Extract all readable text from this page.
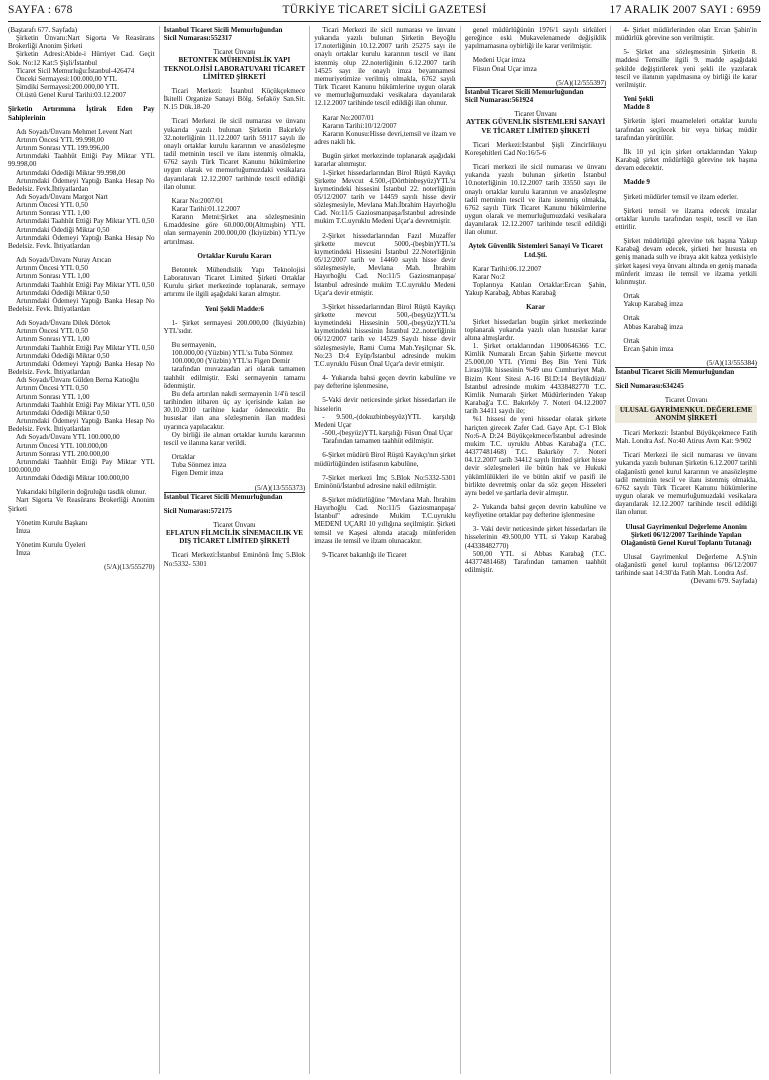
TÜRKİYE TİCARET SİCİLİ GAZETESİ
SAYFA : 678	17 ARALIK 2007 SAYI : 6959

(Baştarafı 677. Sayfada)

Şirketin Ünvanı:Nart Sigorta Ve Reasürans Brokerliği Anonim Şirketi

Şirketin Adresi:Abide-i Hürriyet Cad. Geçit Sok. No:12 Kat:5 Şişli/İstanbul

Ticaret Sicil Memurluğu:İstanbul-426474

Önceki Sermayesi:100.000,00 YTL

Şimdiki Sermayesi:200.000,00 YTL

Ol.üstü Genel Kurul Tarihi:03.12.2007

Şirketin Artırımına İştirak Eden Pay Sahiplerinin

Adı Soyadı/Ünvanı Mehmet Levent Nart

Artırım Öncesi YTL 99.998,00

Artırım Sonrası YTL 199.996,00

Artırımdaki Taahhüt Ettiği Pay Miktar YTL 99.998,00

Artırımdaki Ödediği Miktar 99.998,00

Artırımdaki Ödemeyi Yaptığı Banka Hesap No Bedelsiz. Fevk.İhtiyatlardan

Adı Soyadı/Ünvanı Margot Nart

Artırım Öncesi YTL 0,50

Artırım Sonrası YTL 1,00

Artırımdaki Taahhüt Ettiği Pay Miktar YTL 0,50

Artırımdaki Ödediği Miktar 0,50

Artırımdaki Ödemeyi Yaptığı Banka Hesap No Bedelsiz. Fevk. İhtiyatlardan

Adı Soyadı/Ünvanı Nuray Arıcan

Artırım Öncesi YTL 0,50

Artırım Sonrası YTL 1,00

Artırımdaki Taahhüt Ettiği Pay Miktar YTL 0,50

Artırımdaki Ödediği Miktar 0,50

Artırımdaki Ödemeyi Yaptığı Banka Hesap No Bedelsiz. Fevk. İhtiyatlardan

Adı Soyadı/Ünvanı Dilek Dörtok

Artırım Öncesi YTL 0,50

Artırım Sonrası YTL 1,00

Artırımdaki Taahhüt Ettiği Pay Miktar YTL 0,50

Artırımdaki Ödediği Miktar 0,50

Artırımdaki Ödemeyi Yaptığı Banka Hesap No Bedelsiz. Fevk. İhtiyatlardan

Adı Soyadı/Ünvanı Gülden Berna Katıoğlu

Artırım Öncesi YTL 0,50

Artırım Sonrası YTL 1,00

Artırımdaki Taahhüt Ettiği Pay Miktar YTL 0,50

Artırımdaki Ödediği Miktar 0,50

Artırımdaki Ödemeyi Yaptığı Banka Hesap No Bedelsiz. Fevk. İhtiyatlardan

Adı Soyadı/Ünvanı YTL 100.000,00

Artırım Öncesi YTL 100.000,00

Artırım Sonrası YTL 200.000,00

Artırımdaki Taahhüt Ettiği Pay Miktar YTL 100.000,00

Artırımdaki Ödediği Miktar 100.000,00

Yukarıdaki bilgilerin doğruluğu tasdik olunur.

Nart Sigorta Ve Reasürans Brokerliği Anonim Şirketi

Yönetim Kurulu Başkanı

İmza

Yönetim Kurulu Üyeleri

İmza

(5/A)(13/555270)

İstanbul Ticaret Sicili Memurluğundan

Sicil Numarası:552317

Ticaret Ünvanı

BETONTEK MÜHENDİSLİK YAPI TEKNOLOJİSİ LABORATUVARI TİCARET LİMİTED ŞİRKETİ

Ticari Merkezi: İstanbul Küçükçekmece İkitelli Organize Sanayi Bölg. Sefaköy San.Sit. N.15 Dük.18-20

Ticari Merkezi ile sicil numarası ve ünvanı yukarıda yazılı bulunan Şirketin Bakırköy 32.noterliğinin 11.12.2007 tarih 59117 sayılı ile onaylı ortaklar kurulu kararının ve anasözleşme tadil metninin tescil ve ilanı istenmiş olmakla, 6762 sayılı Türk Ticaret Kanunu hükümlerine uygun olarak ve memurluğumuzdaki vesikalara dayanılarak 12.12.2007 tarihinde tescil edildiği ilan olunur.

Karar No:2007/01

Karar Tarihi:01.12.2007

Kararın Metni:Şirket ana sözleşmesinin 6.maddesine göre 60.000,00(Altmışbin) YTL olan sermayenin 200.000,00 (İkiyüzbin) YTL'ye artırılması.

Ortaklar Kurulu Kararı

Betontek Mühendislik Yapı Teknolojisi Laboratuvarı Ticaret Limited Şirketi Ortaklar Kurulu şirket merkezinde toplanarak, sermaye artırımı ile ilgili aşağıdaki kararı almıştır.

Yeni Şekli Madde:6

1- Şirket sermayesi 200.000,00 (İkiyüzbin) YTL'sıdır.

Bu sermayenin,

100.000,00 (Yüzbin) YTL'sı Tuba Sönmez

100.000,00 (Yüzbin) YTL'sı Figen Demir

tarafından muvazaadan ari olarak tamamen taahhüt edilmiştir. Eski sermayenin tamamı ödenmiştir.

Bu defa artırılan nakdi sermayenin 1/4'ü tescil tarihinden itibaren üç ay içerisinde kalan ise 30.10.2010 tarihine kadar ödenecektir. Bu hususlar ilan ana sözleşmenin ilan maddesi uyarınca yapılacaktır.

Oy birliği ile alınan ortaklar kurulu kararının tescil ve ilanına karar verildi.

Ortaklar

Tuba Sönmez imza

Figen Demir imza

(5/A)(13/555373)

İstanbul Ticaret Sicili Memurluğundan

Sicil Numarası:572175

Ticaret Ünvanı

EFLATUN FİLMCİLİK SİNEMACILIK VE DIŞ TİCARET LİMİTED ŞİRKETİ

Ticari Merkezi:İstanbul Eminönü İmç 5.Blok No:5332- 5301

Ticari Merkezi ile sicil numarası ve ünvanı yukarıda yazılı bulunan Şirketin Beyoğlu 17.noterliğinin 10.12.2007 tarih 25275 sayı ile onaylı ortaklar kurulu kararının tescil ve ilanı istenmiş olup 22.noterliğinin 6.12.2007 tarih 14525 sayı ile onaylı imza beyannamesi memuriyetimize verilmiş olmakla, 6762 sayılı Türk Ticaret Kanunu hükümlerine uygun olarak ve memurluğumuzdaki vesikalara dayanılarak 12.12.2007 tarihinde tescil edildiği ilan olunur.

Karar No:2007/01

Kararın Tarihi:10/12/2007

Kararın Konusu:Hisse devri,temsil ve ilzam ve adres nakli hk.

Bugün şirket merkezinde toplanarak aşağıdaki kararlar alınmıştır.

1-Şirket hissedarlarından Birol Rüştü Kayıkçı Şirkette Mevcut 4.500,-(Dörtbinbeşyüz)YTL'sı kıymetindeki hissesini İstanbul 22. noterliğinin 05/12/2007 tarih ve 14459 sayılı hisse devir sözleşmesiyle, Mevlana Mah.İbrahim Hayırhoğlu Cad. No:11/5 Gaziosmanpaşa/İstanbul adresinde mukim T.C.uyruklu Medeni Uçar'a devretmiştir.

2-Şirket hissedarlarından Fazıl Muzaffer şirkette mevcut 5000,-(beşbin)YTL'sı kıymetindeki Hissesini İstanbul 22.Noterliğinin 05/12/2007 tarih ve 14460 sayılı hisse devir sözleşmesiyle, Mevlana Mah. İbrahim Hayırhoğlu Cad. No:11/5 Gaziosmanpaşa/İstanbul adresinde mukim T.C.uyruklu Medeni Uçar'a devir etmiştir.

3-Şirket hissedarlarından Birol Rüştü Kayıkçı şirkette mevcut 500,-(beşyüz)YTL'sı kıymetindeki Hissesinin 500,-(beşyüz)YTL'sı kıymetindeki hissesinin İstanbul 22..noterliğinin 06/12/2007 tarih ve 14529 Sayılı hisse devir sözleşmesiyle, Rami Cuma Mah.Yeşilçınar Sk. No:23 D:4 Eyüp/İstanbul adresinde mukim T.C.uyruklu Füsun Önal Uçar'a devir etmiştir.

4- Yukarıda bahsi geçen devrin kabulüne ve pay defterine işlenmesine,

5-Vaki devir neticesinde şirket hissedarları ile hisselerin

- 9.500,-(dokuzbinbeşyüz)YTL karşılığı Medeni Uçar

-500,-(beşyüz)YTL karşılığı Füsun Önal Uçar

Tarafından tamamen taahhüt edilmiştir.

6-Şirket müdürü Birol Rüştü Kayıkçı'nın şirket müdürlüğünden istifasının kabulüne,

7-Şirket merkezi İmç 5.Blok No:5332-5301 Eminönü/İstanbul adresine nakil edilmiştir.

8-Şirket müdürlüğüne "Mevlana Mah. İbrahim Hayırhoğlu Cad. No:11/5 Gaziosmanpaşa/İstanbul" adresinde Mukim T.C.uyruklu MEDENİ UÇARI 10 yıllığına seçilmiştir. Şirketi temsil ve Kaşesi altında atacağı münferiden imzası ile temsil ve ilzam olunacaktır.

9-Ticaret bakanlığı ile Ticaret

genel müdürlüğünün 1976/1 sayılı sirküleri gereğince eski Mukavelenamede değişiklik yapılmamasına oybirliği ile karar verilmiştir.

Medeni Uçar imza

Füsun Önal Uçar imza

(5/A)(12/555397)

İstanbul Ticaret Sicili Memurluğundan

Sicil Numarası:561924

Ticaret Ünvanı

AYTEK GÜVENLİK SİSTEMLERİ SANAYİ VE TİCARET LİMİTED ŞİRKETİ

Ticari Merkezi:İstanbul Şişli Zincirlikuyu Koreşehitleri Cad No:16/5-6

Ticari merkezi ile sicil numarası ve ünvanı yukarıda yazılı bulunan şirketin İstanbul 10.noterliğinin 10.12.2007 tarih 33550 sayı ile onaylı ortaklar kurulu kararının ve anasözleşme tadil metninin tescil ve ilanı istenmiş olmakla, 6762 sayılı Türk Ticaret Kanunu hükümlerine uygun olarak ve memurluğumuzdaki vesikalara dayanılarak 12.12.2007 tarihinde tescil edildiği ilan olunur.

Aytek Güvenlik Sistemleri Sanayi Ve Ticaret Ltd.Şti.

Karar Tarihi:06.12.2007

Karar No:2

Toplantıya Katılan Ortaklar:Ercan Şahin, Yakup Karabağ, Abbas Karabağ

Karar

Şirket hissedarları bugün şirket merkezinde toplanarak yukarıda yazılı olan hususlar karar altına almışlardır.

1. Şirket ortaklarından 11900646366 T.C. Kimlik Numaralı Ercan Şahin Şirkette mevcut 25.000,00 YTL (Yirmi Beş Bin Yeni Türk Lirası)'lik hissesinin %49 unu Cumhuriyet Mah. Bizim Kent Sitesi A-16 Bl.D:14 Beylikdüzü/İstanbul adresinde mukim 44338482770 T.C. Kimlik Numaralı Şirket Müdürlerinden Yakup Karabağ'a T.C. Bakırköy 7. Noteri 04.12.2007 tarih 34411 sayılı ile;

%1 hissesi de yeni hissedar olarak şirkete hariçten girecek Zafer Cad. Gaye Apt. C-1 Blok No:6-A D:24 Büyükçekmece/İstanbul adresinde mukim T.C. uyruklu Abbas Karabağ'a (T.C. 44377481468) T.C. Bakırköy 7. Noteri 04.12.2007 tarih 34412 sayılı limited şirket hisse devir sözleşmeleri ile bütün hak ve Hukuki yükümlülükleri ile ve bütün aktif ve pasifi ile birlikte devretmiş onlar da söz geçen Hisseleri aynı bedel ve şartlarla devir almıştır.

2- Yukarıda bahsi geçen devrin kabulüne ve keyfiyetine ortaklar pay defterine işlenmesine

3- Vaki devir neticesinde şirket hissedarları ile hisselerinin 49.500,00 YTL si Yakup Karabağ (44338482770)

500,00 YTL si Abbas Karabağ (T.C. 44377481468) Tarafından tamamen taahhüt edilmiştir.

4- Şirket müdürlerinden olan Ercan Şahin'in müdürlük görevine son verilmiştir.

5- Şirket ana sözleşmesinin Şirketin 8. maddesi Temsille ilgili 9. madde aşağıdaki şekilde değiştirilerek yeni şekli ile yazılarak tescil ve ilanının yapılmasına oy birliği ile karar verilmiştir.

Yeni Şekli

Madde 8

Şirketin işleri muameleleri ortaklar kurulu tarafından seçilecek bir veya birkaç müdür tarafından yürütülür.

İlk 10 yıl için şirket ortaklarından Yakup Karabağ şirket müdürlüğü görevine tek başına devam edecektir.

Madde 9

Şirketi müdürler temsil ve ilzam ederler.

Şirketi temsil ve ilzama edecek imzalar ortaklar kurulu tarafından tespit, tescil ve ilan ettirilir.

Şirket müdürlüğü görevine tek başına Yakup Karabağ devam edecek, şirketi her hususta en geniş manada sulh ve ibraya akit kabza yetkisiyle şirket kaşesi veya ünvanı altında en geniş manada münferit imzası ile temsil ve ilzama yetkili kılınmıştır.

Ortak

Yakup Karabağ imza

Ortak

Abbas Karabağ imza

Ortak

Ercan Şahin imza

(5/A)(13/555384)

İstanbul Ticaret Sicili Memurluğundan

Sicil Numarası:634245

Ticaret Ünvanı

ULUSAL GAYRİMENKUL DEĞERLEME ANONİM ŞİRKETİ

Ticari Merkezi: İstanbul Büyükçekmece Fatih Mah. Londra Asf. No:40 Atirus Avm Kat: 9/902

Ticari Merkezi ile sicil numarası ve ünvanı yukarıda yazılı bulunan Şirketin 6.12.2007 tarihli olağanüstü genel kurul kararının ve anasözleşme tadil metninin tescil ve ilanı istenmiş olmakla, 6762 sayılı Türk Ticaret Kanunu hükümlerine uygun olarak ve memurluğumuzdaki vesikalara dayanılarak 12.12.2007 tarihinde tescil edildiği ilan olunur.

Ulusal Gayrimenkul Değerleme Anonim Şirketi 06/12/2007 Tarihinde Yapılan Olağanüstü Genel Kurul Toplantı Tutanağı

Ulusal Gayrimenkul Değerleme A.Ş'nin olağanüstü genel kurul toplantısı 06/12/2007 tarihinde saat 14:30'da Fatih Mah. Londra Asf.

(Devamı 679. Sayfada)
